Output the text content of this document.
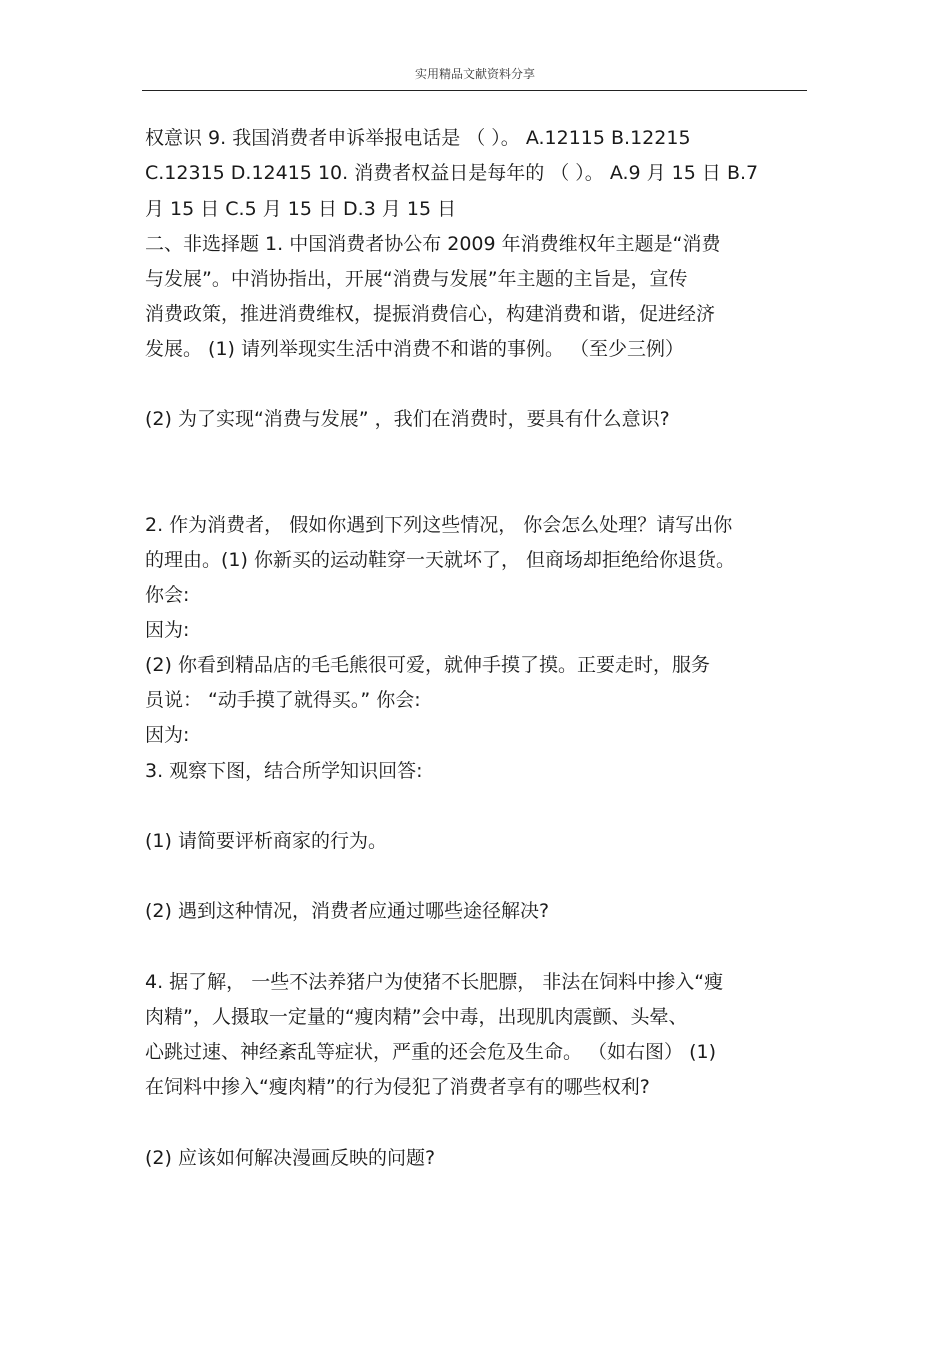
实用精品文献资料分享
权意识 9. 我国消费者申诉举报电话是 （ ）。 A.12115 B.12215
C.12315 D.12415 10. 消费者权益日是每年的 （ ）。 A.9 月 15 日 B.7
月 15 日 C.5 月 15 日 D.3 月 15 日
二、非选择题 1. 中国消费者协公布 2009 年消费维权年主题是“消费
与发展”。中消协指出，开展“消费与发展”年主题的主旨是，宣传
消费政策，推进消费维权，提振消费信心，构建消费和谐，促进经济
发展。 (1) 请列举现实生活中消费不和谐的事例。 （至少三例）
(2) 为了实现“消费与发展” ，我们在消费时，要具有什么意识?
2. 作为消费者， 假如你遇到下列这些情况， 你会怎么处理？请写出你
的理由。(1) 你新买的运动鞋穿一天就坏了， 但商场却拒绝给你退货。
你会:
因为:
(2) 你看到精品店的毛毛熊很可爱，就伸手摸了摸。正要走时，服务
员说： “动手摸了就得买。” 你会:
因为:
3. 观察下图，结合所学知识回答:
(1) 请简要评析商家的行为。
(2) 遇到这种情况，消费者应通过哪些途径解决?
4. 据了解， 一些不法养猪户为使猪不长肥膘， 非法在饲料中掺入“瘦
肉精”，人摄取一定量的“瘦肉精”会中毒，出现肌肉震颤、头晕、
心跳过速、神经紊乱等症状，严重的还会危及生命。 （如右图） (1)
在饲料中掺入“瘦肉精”的行为侵犯了消费者享有的哪些权利?
(2) 应该如何解决漫画反映的问题?
